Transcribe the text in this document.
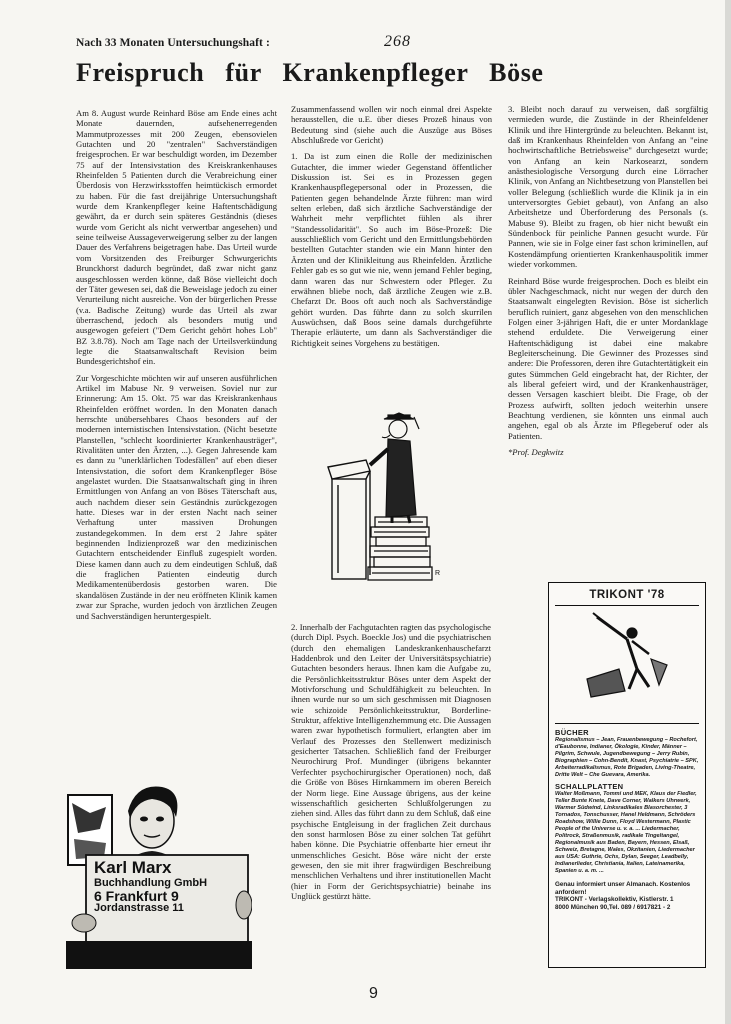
Nach 33 Monaten Untersuchungshaft :	268
Freispruch für Krankenpfleger Böse

Am 8. August wurde Reinhard Böse am Ende eines acht Monate dauernden, aufsehenerregenden Mammutprozesses mit 200 Zeugen, ebensovielen Gutachten und 20 "zentralen" Sachverständigen freigesprochen. Er war beschuldigt worden, im Dezember 75 auf der Intensivstation des Kreiskrankenhauses Rheinfelden 5 Patienten durch die Verabreichung einer Überdosis von Herzwirksstoffen heimtückisch ermordet zu haben. Für die fast dreijährige Untersuchungshaft wurde dem Krankenpfleger keine Haftentschädigung gewährt, da er durch sein späteres Geständnis (dieses wurde vom Gericht als nicht verwertbar angesehen) und seine teilweise Aussageverweigerung selber zu der langen Dauer des Verfahrens beigetragen habe. Das Urteil wurde vom Vorsitzenden des Freiburger Schwurgerichts Brunckhorst dadurch begründet, daß zwar nicht ganz ausgeschlossen werden könne, daß Böse vielleicht doch der Täter gewesen sei, daß die Beweislage jedoch zu einer Verurteilung nicht ausreiche. Von der bürgerlichen Presse (v.a. Badische Zeitung) wurde das Urteil als zwar überraschend, jedoch als besonders mutig und ausgewogen gefeiert ("Dem Gericht gehört hohes Lob" BZ 3.8.78). Noch am Tage nach der Urteilsverkündung legte die Staatsanwaltschaft Revision beim Bundesgerichtshof ein.

Zur Vorgeschichte möchten wir auf unseren ausführlichen Artikel im Mabuse Nr. 9 verweisen. Soviel nur zur Erinnerung: Am 15. Okt. 75 war das Kreiskrankenhaus Rheinfelden eröffnet worden. In den Monaten danach herrschte unübersehbares Chaos besonders auf der modernen internistischen Intensivstation. (Nicht besetzte Planstellen, "schlecht koordinierter Krankenhausträger", Rivalitäten unter den Ärzten, ...). Gegen Jahresende kam es dann zu "unerklärlichen Todesfällen" auf eben dieser Intensivstation, die sofort dem Krankenpfleger Böse angelastet wurden. Die Staatsanwaltschaft ging in ihren Ermittlungen von Anfang an von Böses Täterschaft aus, auch nachdem dieser sein Geständnis zurückgezogen hatte. Dieses war in der ersten Nacht nach seiner Verhaftung unter massiven Drohungen zustandegekommen. In dem erst 2 Jahre später beginnenden Indizienprozeß war den medizinischen Gutachtern entscheidender Einfluß zugespielt worden. Diese kamen dann auch zu dem eindeutigen Schluß, daß die fraglichen Patienten eindeutig durch Medikamentenüberdosis gestorben waren. Die skandalösen Zustände in der neu eröffneten Klinik kamen zwar zur Sprache, wurden jedoch von ärztlichen Zeugen und Sachverständigen heruntergespielt.

Zusammenfassend wollen wir noch einmal drei Aspekte herausstellen, die u.E. über dieses Prozeß hinaus von Bedeutung sind (siehe auch die Auszüge aus Böses Abschlußrede vor Gericht)

1. Da ist zum einen die Rolle der medizinischen Gutachter, die immer wieder Gegenstand öffentlicher Diskussion ist. Sei es in Prozessen gegen Krankenhauspflegepersonal oder in Prozessen, die Patienten gegen behandelnde Ärzte führen: man wird selten erleben, daß sich ärztliche Sachverständige der Wahrheit mehr verpflichtet fühlen als ihrer "Standessolidarität". So auch im Böse-Prozeß: Die ausschließlich vom Gericht und den Ermittlungsbehörden bestellten Gutachter standen wie ein Mann hinter den Ärzten und der Klinikleitung aus Rheinfelden. Ärztliche Fehler gab es so gut wie nie, wenn jemand Fehler beging, dann waren das nur Schwestern oder Pfleger. Zu erwähnen bliebe noch, daß ärztliche Zeugen wie z.B. Chefarzt Dr. Boos oft auch noch als Sachverständige gehört wurden. Das führte dann zu solch skurrilen Auswüchsen, daß Boos seine damals durchgeführte Therapie erläuterte, um dann als Sachverständiger die Richtigkeit seines Vorgehens zu bestätigen.

R

2. Innerhalb der Fachgutachten ragten das psychologische (durch Dipl. Psych. Boeckle Jos) und die psychiatrischen (durch den ehemaligen Landeskrankenhauschefarzt Haddenbrok und den Leiter der Universitätspsychiatrie) Gutachten besonders heraus. Ihnen kam die Aufgabe zu, die Persönlichkeitsstruktur Böses unter dem Aspekt der Motivforschung und Schuldfähigkeit zu beleuchten. In ihnen wurde nur so um sich geschmissen mit Diagnosen wie schizoide Persönlichkeitsstruktur, Borderline-Struktur, affektive Intelligenzhemmung etc. Die Aussagen waren zwar hypothetisch formuliert, erlangten aber im Verlauf des Prozesses den Stellenwert medizinisch gesicherter Tatsachen. Schließlich fand der Freiburger Neurochirurg Prof. Mundinger (übrigens bekannter Verfechter psychochirurgischer Operationen) noch, daß die Größe von Böses Hirnkammern im oberen Bereich der Norm liege. Eine Aussage übrigens, aus der keine wissenschaftlich gesicherten Schlußfolgerungen zu ziehen sind. Alles das führt dann zu dem Schluß, daß eine psychische Entgleisung in der fraglichen Zeit durchaus den sonst harmlosen Böse zu einer solchen Tat geführt haben könne. Die Psychiatrie offenbarte hier erneut ihr unmenschliches Gesicht. Böse wäre nicht der erste gewesen, den sie mit ihrer fragwürdigen Beschreibung menschlichen Verhaltens und ihrer institutionellen Macht (hier in Form der Gerichtspsychiatrie) beinahe ins Unglück gestürzt hätte.

3. Bleibt noch darauf zu verweisen, daß sorgfältig vermieden wurde, die Zustände in der Rheinfeldener Klinik und ihre Hintergründe zu beleuchten. Bekannt ist, daß im Krankenhaus Rheinfelden von Anfang an "eine hochwirtschaftliche Betriebsweise" durchgesetzt wurde; von Anfang an kein Narkosearzt, sondern anästhesiologische Versorgung durch eine Lörracher Klinik, von Anfang an Nichtbesetzung von Planstellen bei voller Belegung (schließlich wurde die Klinik ja in ein unterversorgtes Gebiet gebaut), von Anfang an also Arbeitshetze und Überforderung des Personals (s. Mabuse 9). Bleibt zu fragen, ob hier nicht bewußt ein Sündenbock für peinliche Pannen gesucht wurde. Für Pannen, wie sie in Folge einer fast schon kriminellen, auf Kostendämpfung orientierten Krankenhauspolitik immer wieder vorkommen.

Reinhard Böse wurde freigesprochen. Doch es bleibt ein übler Nachgeschmack, nicht nur wegen der durch den Staatsanwalt eingelegten Revision. Böse ist sicherlich beruflich ruiniert, ganz abgesehen von den menschlichen Folgen einer 3-jährigen Haft, die er unter Mordanklage stehend erduldete. Die Verweigerung einer Haftentschädigung ist dabei eine makabre Begleiterscheinung. Die Gewinner des Prozesses sind andere: Die Professoren, deren ihre Gutachtertätigkeit ein gutes Sümmchen Geld eingebracht hat, der Richter, der als liberal gefeiert wird, und der Krankenhausträger, dessen Versagen kaschiert bleibt. Die Frage, ob der Prozess aufwirft, sollten jedoch weiterhin unsere Beachtung verdienen, sie könnten uns einmal auch angehen, egal ob als Ärzte im Pflegeberuf oder als Patienten.

*Prof. Degkwitz

Karl Marx
Buchhandlung GmbH
6 Frankfurt 9
Jordanstrasse 11
TRIKONT '78
BÜCHER

Regionalismus – Jean, Frauenbewegung – Rochefort, d'Eaubonne, Indianer, Ökologie, Kinder, Männer – Pilgrim, Schwule, Jugendbewegung – Jerry Rubin, Biographien – Cohn-Bendit, Knast, Psychiatrie – SPK, Arbeiterradikalismus, Rote Brigaden, Living-Theatre, Dritte Welt – Che Guevara, Amerika.

SCHALLPLATTEN

Walter Moßmann, Tommi und MEK, Klaus der Fiedler, Teller Bunte Knete, Dave Corner, Walkers Uhrwerk, Warmer Südwind, Linksradikales Blasorchester, 3 Tornados, Tonschusser, Hanel Heldmann, Schröders Roadshow, Willie Dunn, Floyd Westermann, Plastic People of the Universe u. v. a. ... Liedermacher, Politrock, Straßenmusik, radikale Tingeltangel, Regionalmusik aus Baden, Bayern, Hessen, Elsaß, Schweiz, Bretagne, Wales, Okzitanien, Liedermacher aus USA: Guthrie, Ochs, Dylan, Seeger, Leadbelly, Indianerlieder, Christiania, Italien, Lateinamerika, Spanien u. a. m. ...

Genau informiert unser Almanach. Kostenlos anfordern!
TRIKONT - Verlagskollektiv, Kistlerstr. 1
8000 München 90,Tel. 089 / 6917821 - 2

9
